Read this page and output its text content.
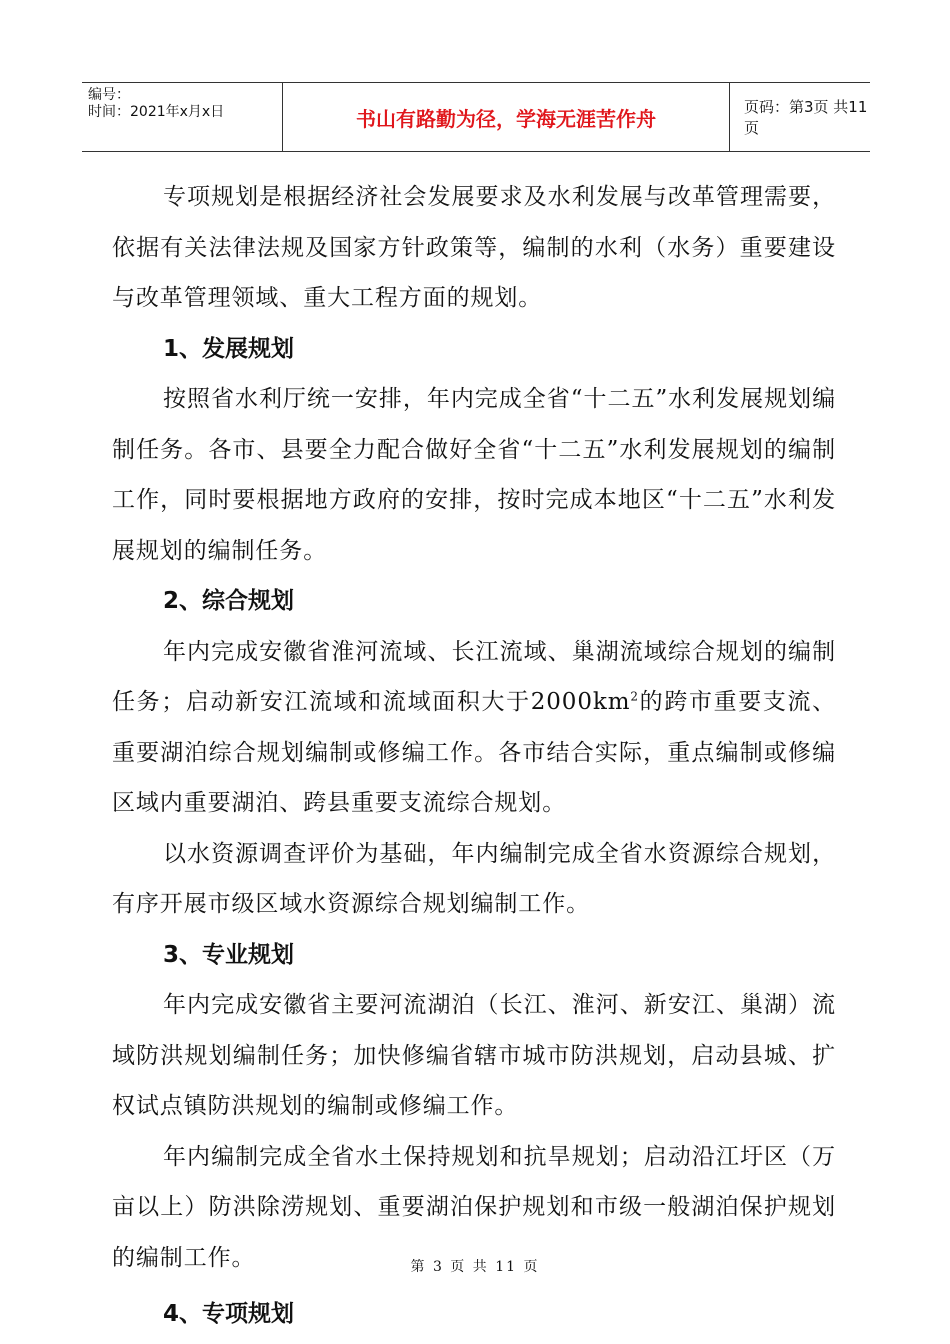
编号：
时间：2021年x月x日	书山有路勤为径，学海无涯苦作舟	页码：第3页 共11页

专项规划是根据经济社会发展要求及水利发展与改革管理需要，依据有关法律法规及国家方针政策等，编制的水利（水务）重要建设与改革管理领域、重大工程方面的规划。

1、发展规划

按照省水利厅统一安排，年内完成全省“十二五”水利发展规划编制任务。各市、县要全力配合做好全省“十二五”水利发展规划的编制工作，同时要根据地方政府的安排，按时完成本地区“十二五”水利发展规划的编制任务。

2、综合规划

年内完成安徽省淮河流域、长江流域、巢湖流域综合规划的编制任务；启动新安江流域和流域面积大于$2000km^2$的跨市重要支流、重要湖泊综合规划编制或修编工作。各市结合实际，重点编制或修编区域内重要湖泊、跨县重要支流综合规划。

以水资源调查评价为基础，年内编制完成全省水资源综合规划，有序开展市级区域水资源综合规划编制工作。

3、专业规划

年内完成安徽省主要河流湖泊（长江、淮河、新安江、巢湖）流域防洪规划编制任务；加快修编省辖市城市防洪规划，启动县城、扩权试点镇防洪规划的编制或修编工作。

年内编制完成全省水土保持规划和抗旱规划；启动沿江圩区（万亩以上）防洪除涝规划、重要湖泊保护规划和市级一般湖泊保护规划的编制工作。

4、专项规划

第 3 页 共 11 页
